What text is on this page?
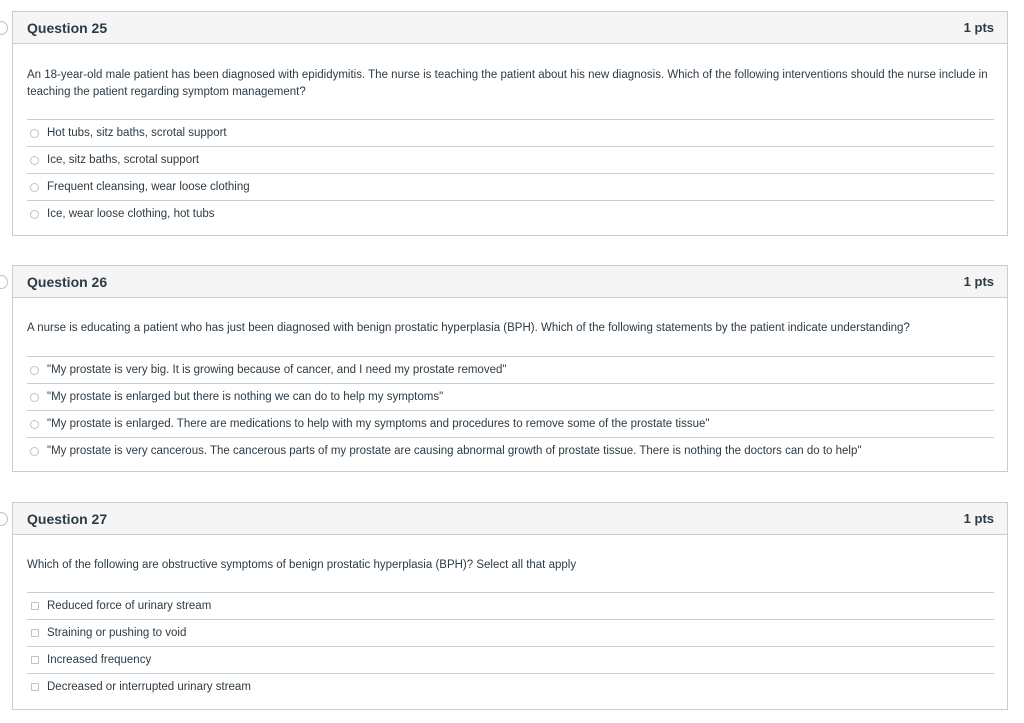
Question 25	1 pts

An 18-year-old male patient has been diagnosed with epididymitis. The nurse is teaching the patient about his new diagnosis. Which of the following interventions should the nurse include in teaching the patient regarding symptom management?

Hot tubs, sitz baths, scrotal support
Ice, sitz baths, scrotal support
Frequent cleansing, wear loose clothing
Ice, wear loose clothing, hot tubs
Question 26	1 pts

A nurse is educating a patient who has just been diagnosed with benign prostatic hyperplasia (BPH). Which of the following statements by the patient indicate understanding?

"My prostate is very big. It is growing because of cancer, and I need my prostate removed"
"My prostate is enlarged but there is nothing we can do to help my symptoms"
"My prostate is enlarged. There are medications to help with my symptoms and procedures to remove some of the prostate tissue"
"My prostate is very cancerous. The cancerous parts of my prostate are causing abnormal growth of prostate tissue. There is nothing the doctors can do to help"
Question 27	1 pts

Which of the following are obstructive symptoms of benign prostatic hyperplasia (BPH)? Select all that apply

Reduced force of urinary stream
Straining or pushing to void
Increased frequency
Decreased or interrupted urinary stream
